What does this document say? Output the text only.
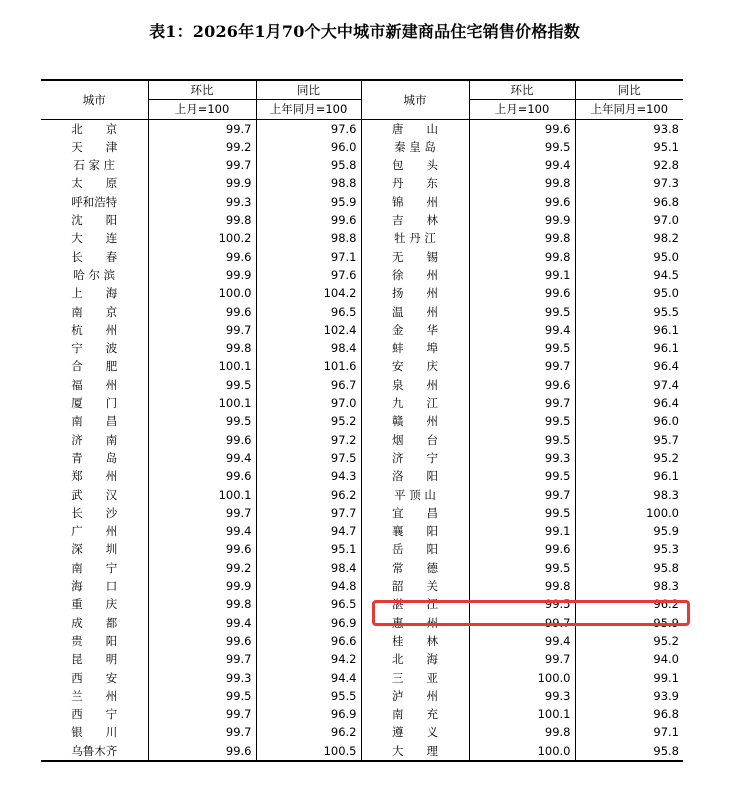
表1：2026年1月70个大中城市新建商品住宅销售价格指数
城市	环比	同比	城市	环比	同比
	上月=100	上年同月=100		上月=100	上年同月=100
北　　京	99.7	97.6	唐　　山	99.6	93.8
天　　津	99.2	96.0	秦 皇 岛	99.5	95.1
石 家 庄	99.7	95.8	包　　头	99.4	92.8
太　　原	99.9	98.8	丹　　东	99.8	97.3
呼和浩特	99.3	95.9	锦　　州	99.6	96.8
沈　　阳	99.8	99.6	吉　　林	99.9	97.0
大　　连	100.2	98.8	牡 丹 江	99.8	98.2
长　　春	99.6	97.1	无　　锡	99.8	95.0
哈 尔 滨	99.9	97.6	徐　　州	99.1	94.5
上　　海	100.0	104.2	扬　　州	99.6	95.0
南　　京	99.6	96.5	温　　州	99.5	95.5
杭　　州	99.7	102.4	金　　华	99.4	96.1
宁　　波	99.8	98.4	蚌　　埠	99.5	96.1
合　　肥	100.1	101.6	安　　庆	99.7	96.4
福　　州	99.5	96.7	泉　　州	99.6	97.4
厦　　门	100.1	97.0	九　　江	99.7	96.4
南　　昌	99.5	95.2	赣　　州	99.5	96.0
济　　南	99.6	97.2	烟　　台	99.5	95.7
青　　岛	99.4	97.5	济　　宁	99.3	95.2
郑　　州	99.6	94.3	洛　　阳	99.5	96.1
武　　汉	100.1	96.2	平 顶 山	99.7	98.3
长　　沙	99.7	97.7	宜　　昌	99.5	100.0
广　　州	99.4	94.7	襄　　阳	99.1	95.9
深　　圳	99.6	95.1	岳　　阳	99.6	95.3
南　　宁	99.2	98.4	常　　德	99.5	95.8
海　　口	99.9	94.8	韶　　关	99.8	98.3
重　　庆	99.8	96.5	湛　　江	99.5	96.2
成　　都	99.4	96.9	惠　　州	99.7	95.9
贵　　阳	99.6	96.6	桂　　林	99.4	95.2
昆　　明	99.7	94.2	北　　海	99.7	94.0
西　　安	99.3	94.4	三　　亚	100.0	99.1
兰　　州	99.5	95.5	泸　　州	99.3	93.9
西　　宁	99.7	96.9	南　　充	100.1	96.8
银　　川	99.7	96.2	遵　　义	99.8	97.1
乌鲁木齐	99.6	100.5	大　　理	100.0	95.8
